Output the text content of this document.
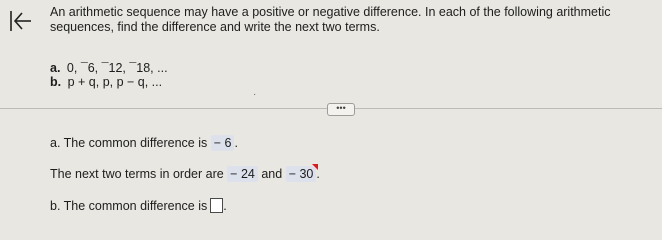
An arithmetic sequence may have a positive or negative difference. In each of the following arithmetic sequences, find the difference and write the next two terms.
a. 0, ¯6, ¯12, ¯18, ...
b. p + q, p, p − q, ...
·
•••
a. The common difference is − 6 .
The next two terms in order are − 24 and − 30 .
b. The common difference is .
